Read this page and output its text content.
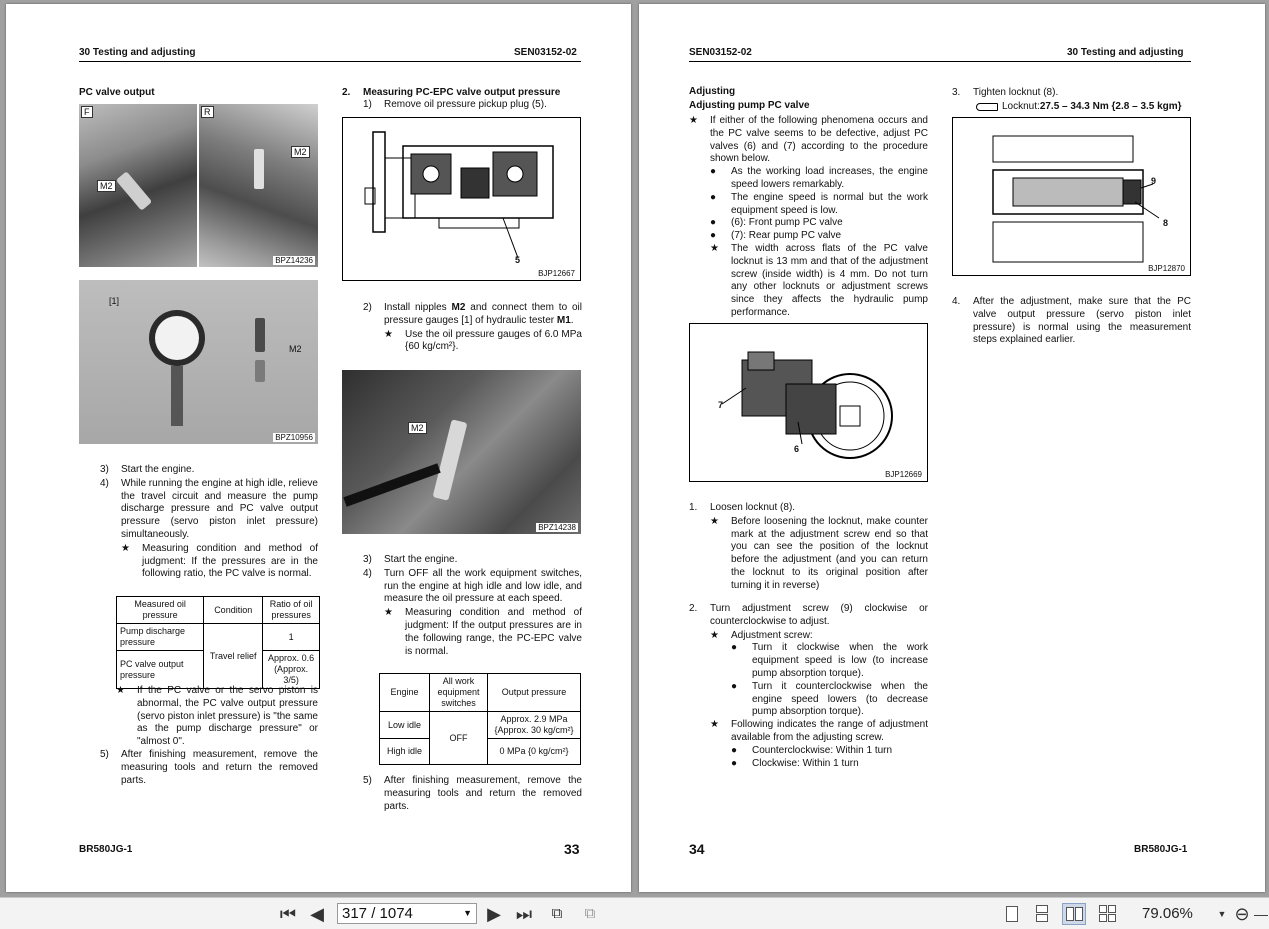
30 Testing and adjusting	SEN03152-02
PC valve output
F	R
M2
M2
BPZ14236
[1]
M2
BPZ10956
3)	Start the engine.
4)	While running the engine at high idle, relieve the travel circuit and measure the pump discharge pressure and PC valve output pressure (servo piston inlet pressure) simultaneously.
★	Measuring condition and method of judgment: If the pressures are in the following ratio, the PC valve is normal.
Measured oil pressure	Condition	Ratio of oil pressures
Pump discharge pressure	Travel relief	1
PC valve output pressure		Approx. 0.6 (Approx. 3/5)
★	If the PC valve or the servo piston is abnormal, the PC valve output pressure (servo piston inlet pressure) is "the same as the pump discharge pressure" or "almost 0".
5)	After finishing measurement, remove the measuring tools and return the removed parts.
2.	Measuring PC-EPC valve output pressure
1)	Remove oil pressure pickup plug (5).
5
BJP12667
2)	Install nipples M2 and connect them to oil pressure gauges [1] of hydraulic tester M1.
★	Use the oil pressure gauges of 6.0 MPa {60 kg/cm²}.
M2
BPZ14238
3)	Start the engine.
4)	Turn OFF all the work equipment switches, run the engine at high idle and low idle, and measure the oil pressure at each speed.
★	Measuring condition and method of judgment: If the output pressures are in the following range, the PC-EPC valve is normal.
Engine	All work equipment switches	Output pressure
Low idle	OFF	Approx. 2.9 MPa {Approx. 30 kg/cm²}
High idle		0 MPa {0 kg/cm²}
5)	After finishing measurement, remove the measuring tools and return the removed parts.
BR580JG-1	33
SEN03152-02	30 Testing and adjusting
Adjusting
Adjusting pump PC valve
★	If either of the following phenomena occurs and the PC valve seems to be defective, adjust PC valves (6) and (7) according to the procedure shown below.
●	As the working load increases, the engine speed lowers remarkably.
●	The engine speed is normal but the work equipment speed is low.
●	(6): Front pump PC valve
●	(7): Rear pump PC valve
★	The width across flats of the PC valve locknut is 13 mm and that of the adjustment screw (inside width) is 4 mm. Do not turn any other locknuts or adjustment screws since they affects the hydraulic pump performance.
7
6
BJP12669
1.	Loosen locknut (8).
★	Before loosening the locknut, make counter mark at the adjustment screw end so that you can see the position of the locknut before the adjustment (and you can return the locknut to its original position after turning it in reverse)
2.	Turn adjustment screw (9) clockwise or counterclockwise to adjust.
★	Adjustment screw:
●	Turn it clockwise when the work equipment speed is low (to increase pump absorption torque).
●	Turn it counterclockwise when the engine speed lowers (to decrease pump absorption torque).
★	Following indicates the range of adjustment available from the adjusting screw.
●	Counterclockwise: Within 1 turn
●	Clockwise: Within 1 turn
3.	Tighten locknut (8).
Locknut: 27.5 – 34.3 Nm {2.8 – 3.5 kgm}
9
8
BJP12870
4.	After the adjustment, make sure that the PC valve output pressure (servo piston inlet pressure) is normal using the measurement steps explained earlier.
34	BR580JG-1
⏮ ◀	317 / 1074	▼ ▶ ⏭	⧉	⧉	79.06%	▼ ⊖ —
